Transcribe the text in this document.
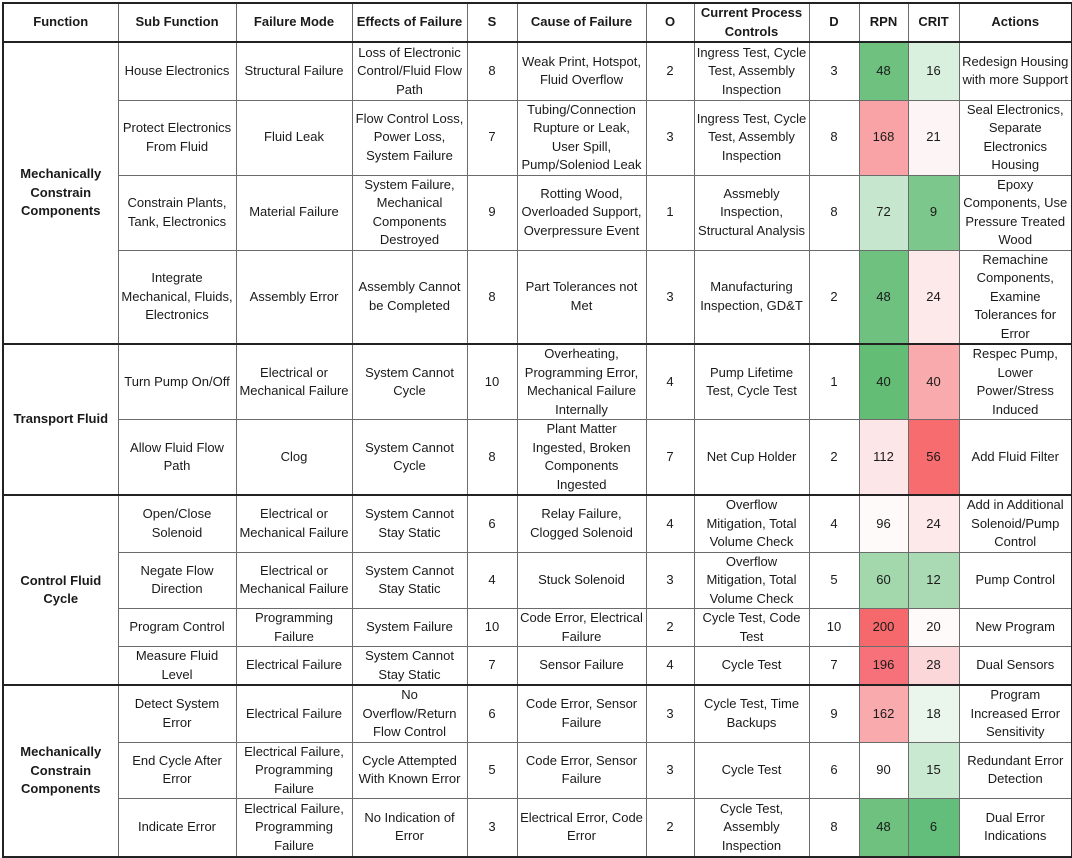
Function	Sub Function	Failure Mode	Effects of Failure	S	Cause of Failure	O	Current Process Controls	D	RPN	CRIT	Actions
Mechanically Constrain Components	House Electronics	Structural Failure	Loss of Electronic Control/Fluid Flow Path	8	Weak Print, Hotspot, Fluid Overflow	2	Ingress Test, Cycle Test, Assembly Inspection	3	48	16	Redesign Housing with more Support
	Protect Electronics From Fluid	Fluid Leak	Flow Control Loss, Power Loss, System Failure	7	Tubing/Connection Rupture or Leak, User Spill, Pump/Soleniod Leak	3	Ingress Test, Cycle Test, Assembly Inspection	8	168	21	Seal Electronics, Separate Electronics Housing
	Constrain Plants, Tank, Electronics	Material Failure	System Failure, Mechanical Components Destroyed	9	Rotting Wood, Overloaded Support, Overpressure Event	1	Assmebly Inspection, Structural Analysis	8	72	9	Epoxy Components, Use Pressure Treated Wood
	Integrate Mechanical, Fluids, Electronics	Assembly Error	Assembly Cannot be Completed	8	Part Tolerances not Met	3	Manufacturing Inspection, GD&T	2	48	24	Remachine Components, Examine Tolerances for Error
Transport Fluid	Turn Pump On/Off	Electrical or Mechanical Failure	System Cannot Cycle	10	Overheating, Programming Error, Mechanical Failure Internally	4	Pump Lifetime Test, Cycle Test	1	40	40	Respec Pump, Lower Power/Stress Induced
	Allow Fluid Flow Path	Clog	System Cannot Cycle	8	Plant Matter Ingested, Broken Components Ingested	7	Net Cup Holder	2	112	56	Add Fluid Filter
Control Fluid Cycle	Open/Close Solenoid	Electrical or Mechanical Failure	System Cannot Stay Static	6	Relay Failure, Clogged Solenoid	4	Overflow Mitigation, Total Volume Check	4	96	24	Add in Additional Solenoid/Pump Control
	Negate Flow Direction	Electrical or Mechanical Failure	System Cannot Stay Static	4	Stuck Solenoid	3	Overflow Mitigation, Total Volume Check	5	60	12	Pump Control
	Program Control	Programming Failure	System Failure	10	Code Error, Electrical Failure	2	Cycle Test, Code Test	10	200	20	New Program
	Measure Fluid Level	Electrical Failure	System Cannot Stay Static	7	Sensor Failure	4	Cycle Test	7	196	28	Dual Sensors
Mechanically Constrain Components	Detect System Error	Electrical Failure	No Overflow/Return Flow Control	6	Code Error, Sensor Failure	3	Cycle Test, Time Backups	9	162	18	Program Increased Error Sensitivity
	End Cycle After Error	Electrical Failure, Programming Failure	Cycle Attempted With Known Error	5	Code Error, Sensor Failure	3	Cycle Test	6	90	15	Redundant Error Detection
	Indicate Error	Electrical Failure, Programming Failure	No Indication of Error	3	Electrical Error, Code Error	2	Cycle Test, Assembly Inspection	8	48	6	Dual Error Indications
